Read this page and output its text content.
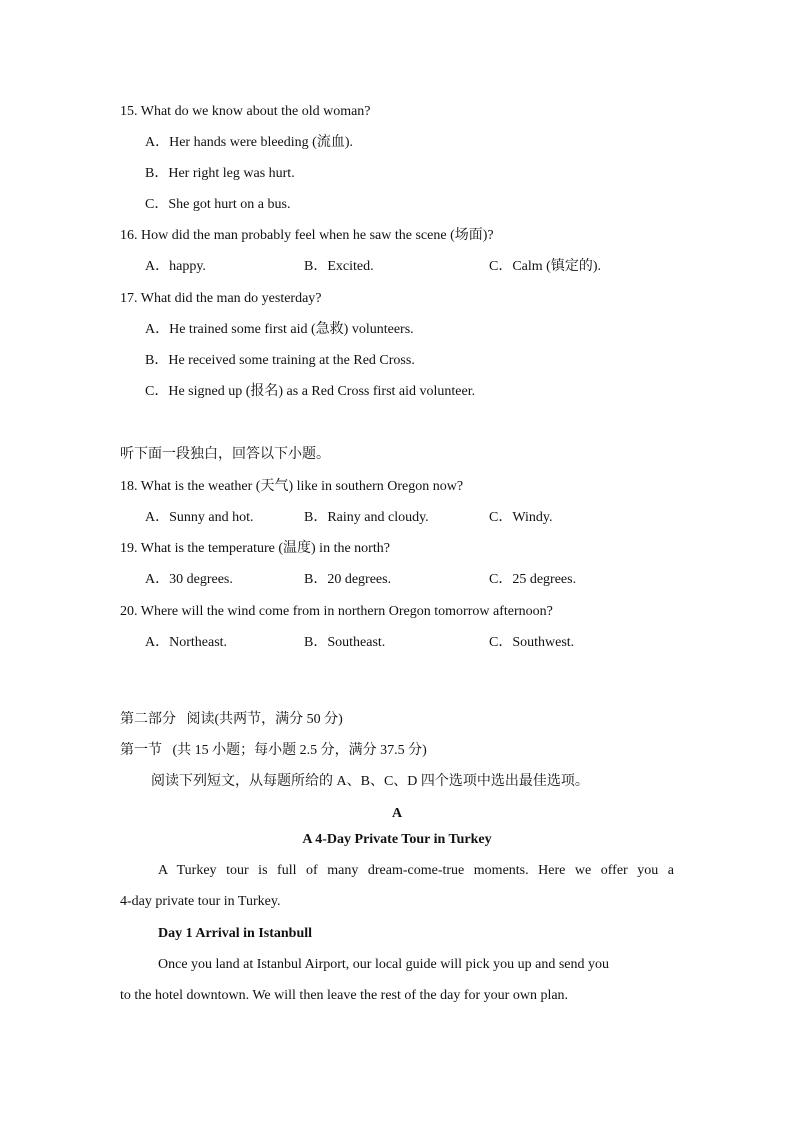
15. What do we know about the old woman?
A．Her hands were bleeding (流血).
B．Her right leg was hurt.
C．She got hurt on a bus.
16. How did the man probably feel when he saw the scene (场面)?
A．happy.	B．Excited.	C．Calm (镇定的).
17. What did the man do yesterday?
A．He trained some first aid (急救) volunteers.
B．He received some training at the Red Cross.
C．He signed up (报名) as a Red Cross first aid volunteer.
听下面一段独白，回答以下小题。
18. What is the weather (天气) like in southern Oregon now?
A．Sunny and hot.	B．Rainy and cloudy.	C．Windy.
19. What is the temperature (温度) in the north?
A．30 degrees.	B．20 degrees.	C．25 degrees.
20. Where will the wind come from in northern Oregon tomorrow afternoon?
A．Northeast.	B．Southeast.	C．Southwest.
第二部分   阅读(共两节，满分 50 分)
第一节   (共 15 小题；每小题 2.5 分，满分 37.5 分)
阅读下列短文，从每题所给的 A、B、C、D 四个选项中选出最佳选项。
A
A 4-Day Private Tour in Turkey
A Turkey tour is full of many dream-come-true moments. Here we offer you a
4-day private tour in Turkey.
Day 1 Arrival in Istanbull
Once you land at Istanbul Airport, our local guide will pick you up and send you
to the hotel downtown. We will then leave the rest of the day for your own plan.
